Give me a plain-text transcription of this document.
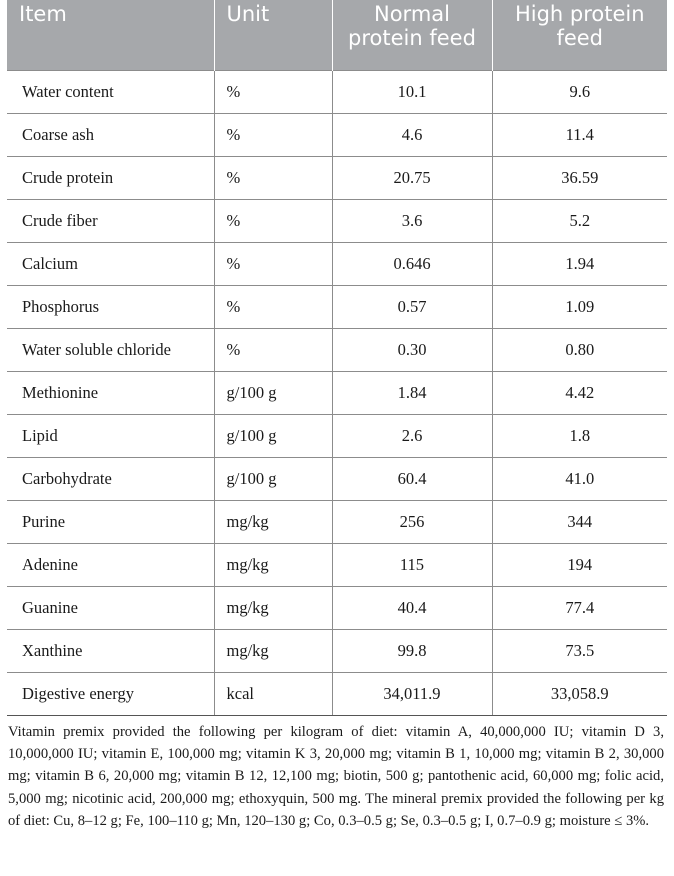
Item	Unit	Normal protein feed	High protein feed
Water content	%	10.1	9.6
Coarse ash	%	4.6	11.4
Crude protein	%	20.75	36.59
Crude fiber	%	3.6	5.2
Calcium	%	0.646	1.94
Phosphorus	%	0.57	1.09
Water soluble chloride	%	0.30	0.80
Methionine	g/100 g	1.84	4.42
Lipid	g/100 g	2.6	1.8
Carbohydrate	g/100 g	60.4	41.0
Purine	mg/kg	256	344
Adenine	mg/kg	115	194
Guanine	mg/kg	40.4	77.4
Xanthine	mg/kg	99.8	73.5
Digestive energy	kcal	34,011.9	33,058.9

Vitamin premix provided the following per kilogram of diet: vitamin A, 40,000,000 IU; vitamin D 3, 10,000,000 IU; vitamin E, 100,000 mg; vitamin K 3, 20,000 mg; vitamin B 1, 10,000 mg; vitamin B 2, 30,000 mg; vitamin B 6, 20,000 mg; vitamin B 12, 12,100 mg; biotin, 500 g; pantothenic acid, 60,000 mg; folic acid, 5,000 mg; nicotinic acid, 200,000 mg; ethoxyquin, 500 mg. The mineral premix provided the following per kg of diet: Cu, 8–12 g; Fe, 100–110 g; Mn, 120–130 g; Co, 0.3–0.5 g; Se, 0.3–0.5 g; I, 0.7–0.9 g; moisture ≤ 3%.
